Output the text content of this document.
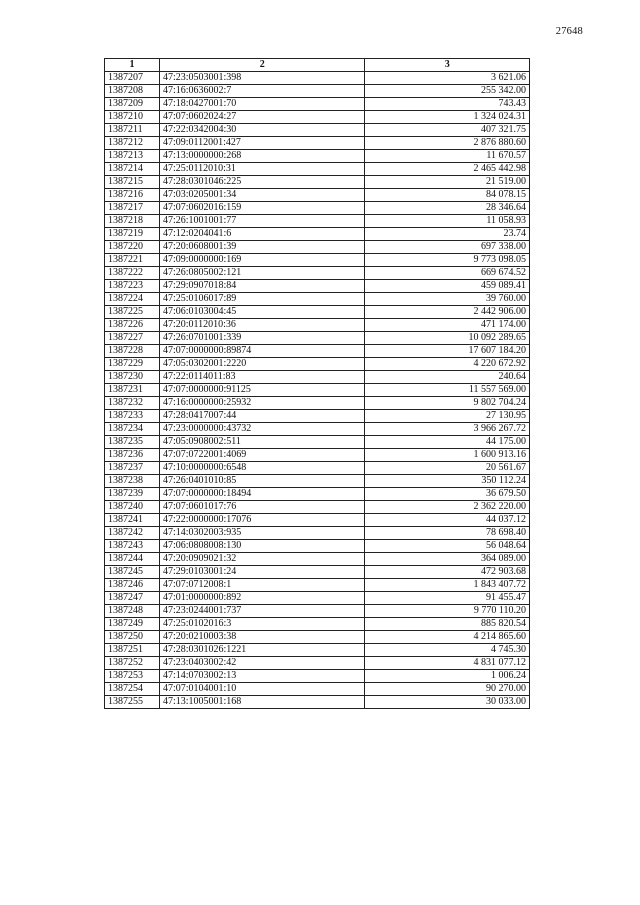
27648
1	2	3
1387207	47:23:0503001:398	3 621.06
1387208	47:16:0636002:7	255 342.00
1387209	47:18:0427001:70	743.43
1387210	47:07:0602024:27	1 324 024.31
1387211	47:22:0342004:30	407 321.75
1387212	47:09:0112001:427	2 876 880.60
1387213	47:13:0000000:268	11 670.57
1387214	47:25:0112010:31	2 465 442.98
1387215	47:28:0301046:225	21 519.00
1387216	47:03:0205001:34	84 078.15
1387217	47:07:0602016:159	28 346.64
1387218	47:26:1001001:77	11 058.93
1387219	47:12:0204041:6	23.74
1387220	47:20:0608001:39	697 338.00
1387221	47:09:0000000:169	9 773 098.05
1387222	47:26:0805002:121	669 674.52
1387223	47:29:0907018:84	459 089.41
1387224	47:25:0106017:89	39 760.00
1387225	47:06:0103004:45	2 442 906.00
1387226	47:20:0112010:36	471 174.00
1387227	47:26:0701001:339	10 092 289.65
1387228	47:07:0000000:89874	17 607 184.20
1387229	47:05:0302001:2220	4 220 672.92
1387230	47:22:0114011:83	240.64
1387231	47:07:0000000:91125	11 557 569.00
1387232	47:16:0000000:25932	9 802 704.24
1387233	47:28:0417007:44	27 130.95
1387234	47:23:0000000:43732	3 966 267.72
1387235	47:05:0908002:511	44 175.00
1387236	47:07:0722001:4069	1 600 913.16
1387237	47:10:0000000:6548	20 561.67
1387238	47:26:0401010:85	350 112.24
1387239	47:07:0000000:18494	36 679.50
1387240	47:07:0601017:76	2 362 220.00
1387241	47:22:0000000:17076	44 037.12
1387242	47:14:0302003:935	78 698.40
1387243	47:06:0808008:130	56 048.64
1387244	47:20:0909021:32	364 089.00
1387245	47:29:0103001:24	472 903.68
1387246	47:07:0712008:1	1 843 407.72
1387247	47:01:0000000:892	91 455.47
1387248	47:23:0244001:737	9 770 110.20
1387249	47:25:0102016:3	885 820.54
1387250	47:20:0210003:38	4 214 865.60
1387251	47:28:0301026:1221	4 745.30
1387252	47:23:0403002:42	4 831 077.12
1387253	47:14:0703002:13	1 006.24
1387254	47:07:0104001:10	90 270.00
1387255	47:13:1005001:168	30 033.00
